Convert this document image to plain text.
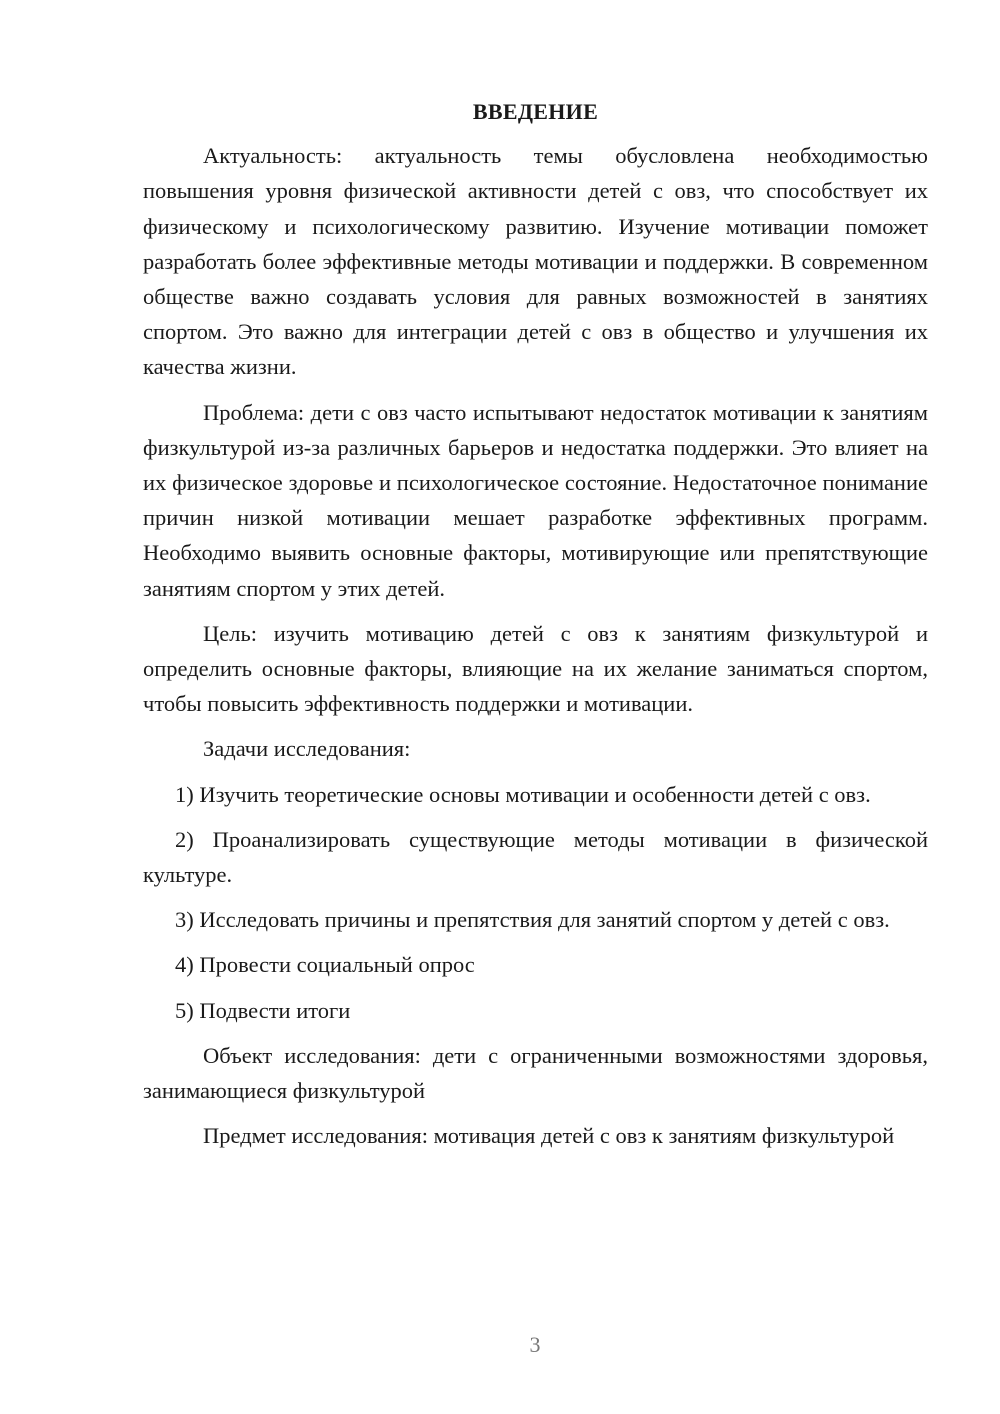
ВВЕДЕНИЕ

Актуальность: актуальность темы обусловлена необходимостью повышения уровня физической активности детей с овз, что способствует их физическому и психологическому развитию. Изучение мотивации поможет разработать более эффективные методы мотивации и поддержки. В современном обществе важно создавать условия для равных возможностей в занятиях спортом. Это важно для интеграции детей с овз в общество и улучшения их качества жизни.

Проблема: дети с овз часто испытывают недостаток мотивации к занятиям физкультурой из-за различных барьеров и недостатка поддержки. Это влияет на их физическое здоровье и психологическое состояние. Недостаточное понимание причин низкой мотивации мешает разработке эффективных программ. Необходимо выявить основные факторы, мотивирующие или препятствующие занятиям спортом у этих детей.

Цель: изучить мотивацию детей с овз к занятиям физкультурой и определить основные факторы, влияющие на их желание заниматься спортом, чтобы повысить эффективность поддержки и мотивации.

Задачи исследования:

1) Изучить теоретические основы мотивации и особенности детей с овз.

2) Проанализировать существующие методы мотивации в физической культуре.

3) Исследовать причины и препятствия для занятий спортом у детей с овз.

4) Провести социальный опрос

5) Подвести итоги

Объект исследования: дети с ограниченными возможностями здоровья, занимающиеся физкультурой

Предмет исследования: мотивация детей с овз к занятиям физкультурой

3
